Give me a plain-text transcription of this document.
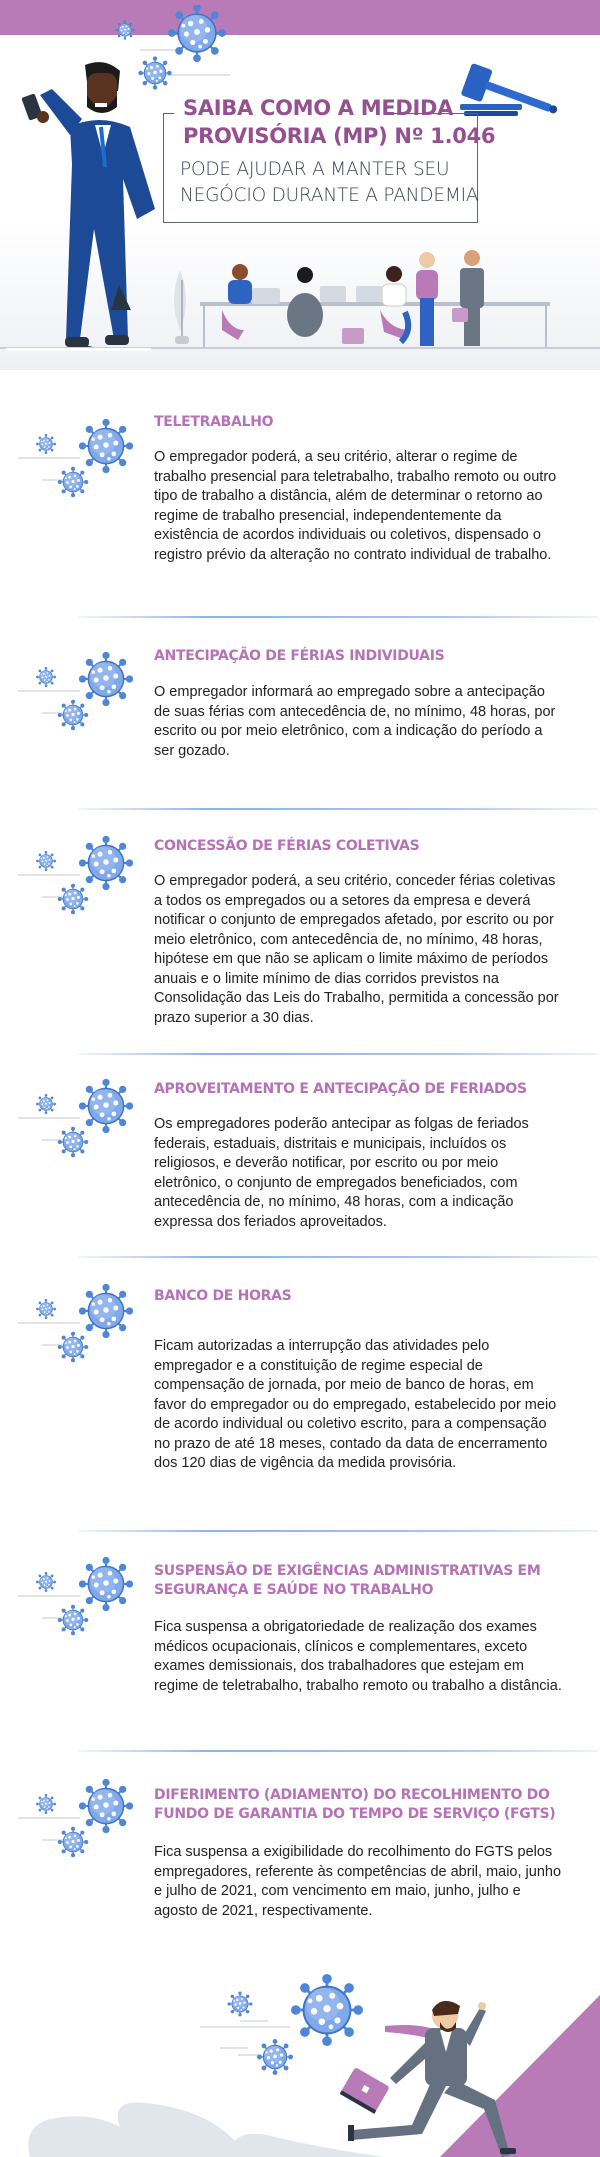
SAIBA COMO A MEDIDA
PROVISÓRIA (MP) Nº 1.046
PODE AJUDAR A MANTER SEU
NEGÓCIO DURANTE A PANDEMIA
TELETRABALHO
O empregador poderá, a seu critério, alterar o regime de trabalho presencial para teletrabalho, trabalho remoto ou outro tipo de trabalho a distância, além de determinar o retorno ao regime de trabalho presencial, independentemente da existência de acordos individuais ou coletivos, dispensado o registro prévio da alteração no contrato individual de trabalho.
ANTECIPAÇÃO DE FÉRIAS INDIVIDUAIS
O empregador informará ao empregado sobre a antecipação de suas férias com antecedência de, no mínimo, 48 horas, por escrito ou por meio eletrônico, com a indicação do período a ser gozado.
CONCESSÃO DE FÉRIAS COLETIVAS
O empregador poderá, a seu critério, conceder férias coletivas a todos os empregados ou a setores da empresa e deverá notificar o conjunto de empregados afetado, por escrito ou por meio eletrônico, com antecedência de, no mínimo, 48 horas, hipótese em que não se aplicam o limite máximo de períodos anuais e o limite mínimo de dias corridos previstos na Consolidação das Leis do Trabalho, permitida a concessão por prazo superior a 30 dias.
APROVEITAMENTO E ANTECIPAÇÃO DE FERIADOS
Os empregadores poderão antecipar as folgas de feriados federais, estaduais, distritais e municipais, incluídos os religiosos, e deverão notificar, por escrito ou por meio eletrônico, o conjunto de empregados beneficiados, com antecedência de, no mínimo, 48 horas, com a indicação expressa dos feriados aproveitados.
BANCO DE HORAS
Ficam autorizadas a interrupção das atividades pelo empregador e a constituição de regime especial de compensação de jornada, por meio de banco de horas, em favor do empregador ou do empregado, estabelecido por meio de acordo individual ou coletivo escrito, para a compensação no prazo de até 18 meses, contado da data de encerramento dos 120 dias de vigência da medida provisória.
SUSPENSÃO DE EXIGÊNCIAS ADMINISTRATIVAS EM SEGURANÇA E SAÚDE NO TRABALHO
Fica suspensa a obrigatoriedade de realização dos exames médicos ocupacionais, clínicos e complementares, exceto exames demissionais, dos trabalhadores que estejam em regime de teletrabalho, trabalho remoto ou trabalho a distância.
DIFERIMENTO (ADIAMENTO) DO RECOLHIMENTO DO FUNDO DE GARANTIA DO TEMPO DE SERVIÇO (FGTS)
Fica suspensa a exigibilidade do recolhimento do FGTS pelos empregadores, referente às competências de abril, maio, junho e julho de 2021, com vencimento em maio, junho, julho e agosto de 2021, respectivamente.
